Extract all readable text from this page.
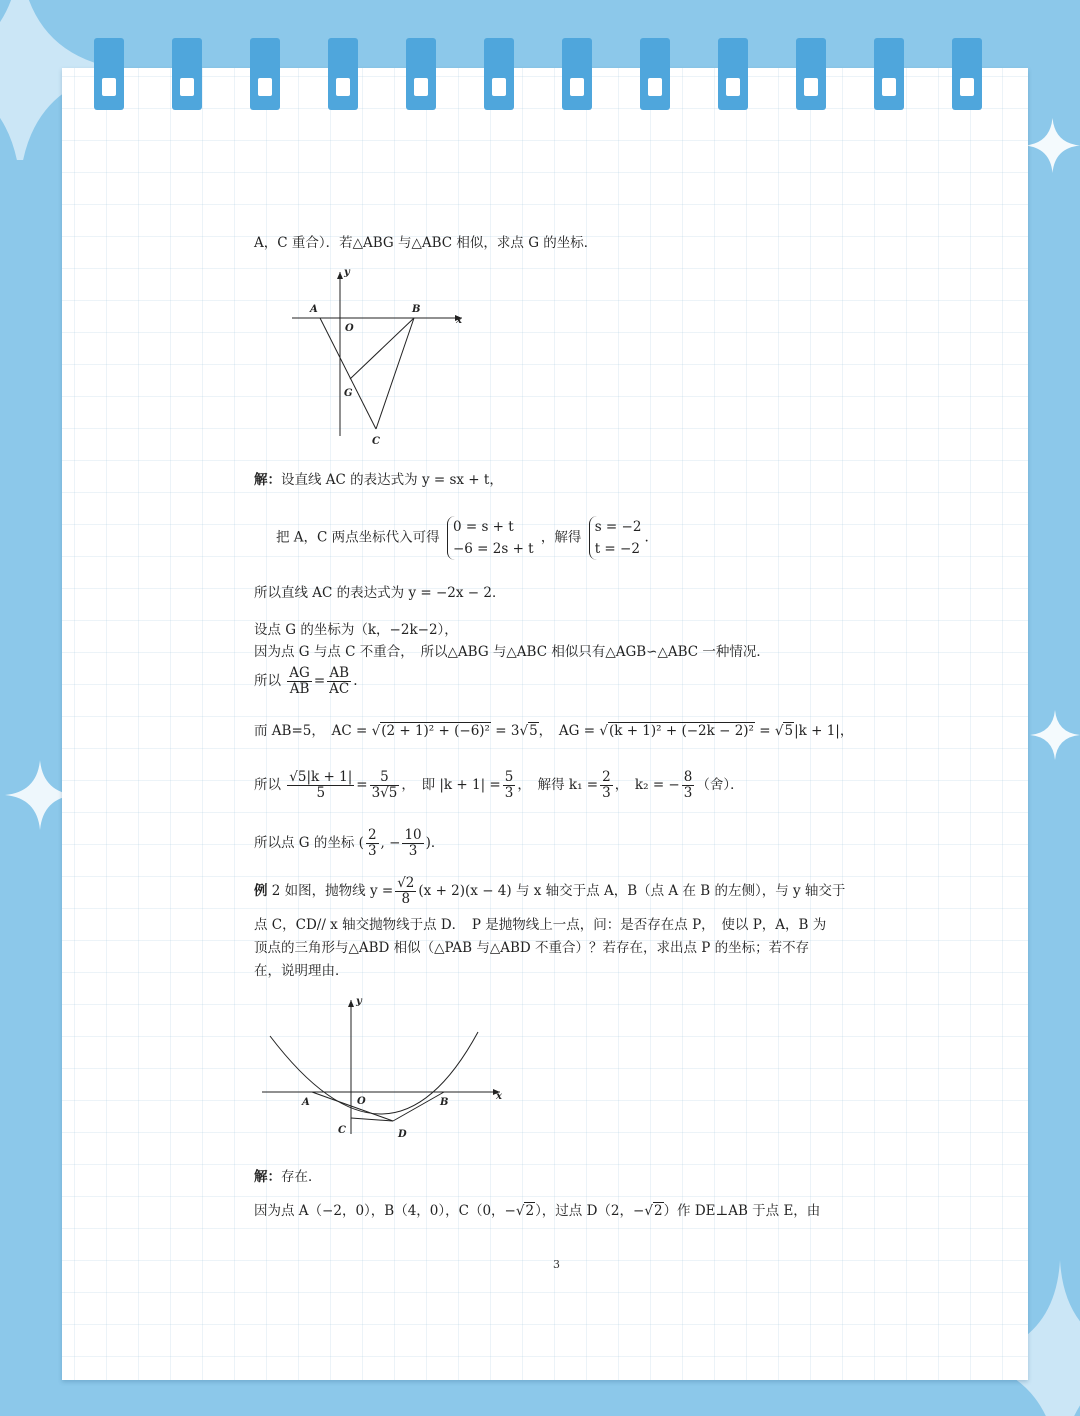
A，C 重合）．若△ABG 与△ABC 相似，求点 G 的坐标．
y
x
A	B
O
G
C
解：设直线 AC 的表达式为 y = sx + t，
把 A，C 两点坐标代入可得
0 = s + t
−6 = 2s + t
，解得
s = −2
t = −2
.
所以直线 AC 的表达式为 y = −2x − 2．
设点 G 的坐标为（k，−2k−2），
因为点 G 与点 C 不重合，　所以△ABG 与△ABC 相似只有△AGB∽△ABC 一种情况．
所以 $\frac{AG}{AB} = \frac{AB}{AC}$ .
而 AB=5，　AC = √(2 + 1)² + (−6)² = 3√5，　AG = √(k + 1)² + (−2k − 2)² = √5|k + 1|，
所以 $\frac{√5|k + 1|}{5} = \frac{5}{3√5}$ ，　即 $|k + 1| = \frac{5}{3}$ ，　解得 $k_1 = \frac{2}{3}$ ，　k₂ = − $\frac{8}{3}$ （舍）．
所以点 G 的坐标 ( $\frac{2}{3}$ , − $\frac{10}{3}$ )．
例 2 如图，抛物线 $y = \frac{√2}{8} (x + 2)(x - 4)$ 与 x 轴交于点 A，B（点 A 在 B 的左侧），与 y 轴交于
点 C，CD// x 轴交抛物线于点 D．　P 是抛物线上一点，问：是否存在点 P，　使以 P，A，B 为
顶点的三角形与△ABD 相似（△PAB 与△ABD 不重合）？若存在，求出点 P 的坐标；若不存
在，说明理由．
y
x
A	O	B
C	D
解：存在．
因为点 A（−2，0），B（4，0），C（0，−√2），过点 D（2，−√2）作 DE⊥AB 于点 E，由
3
